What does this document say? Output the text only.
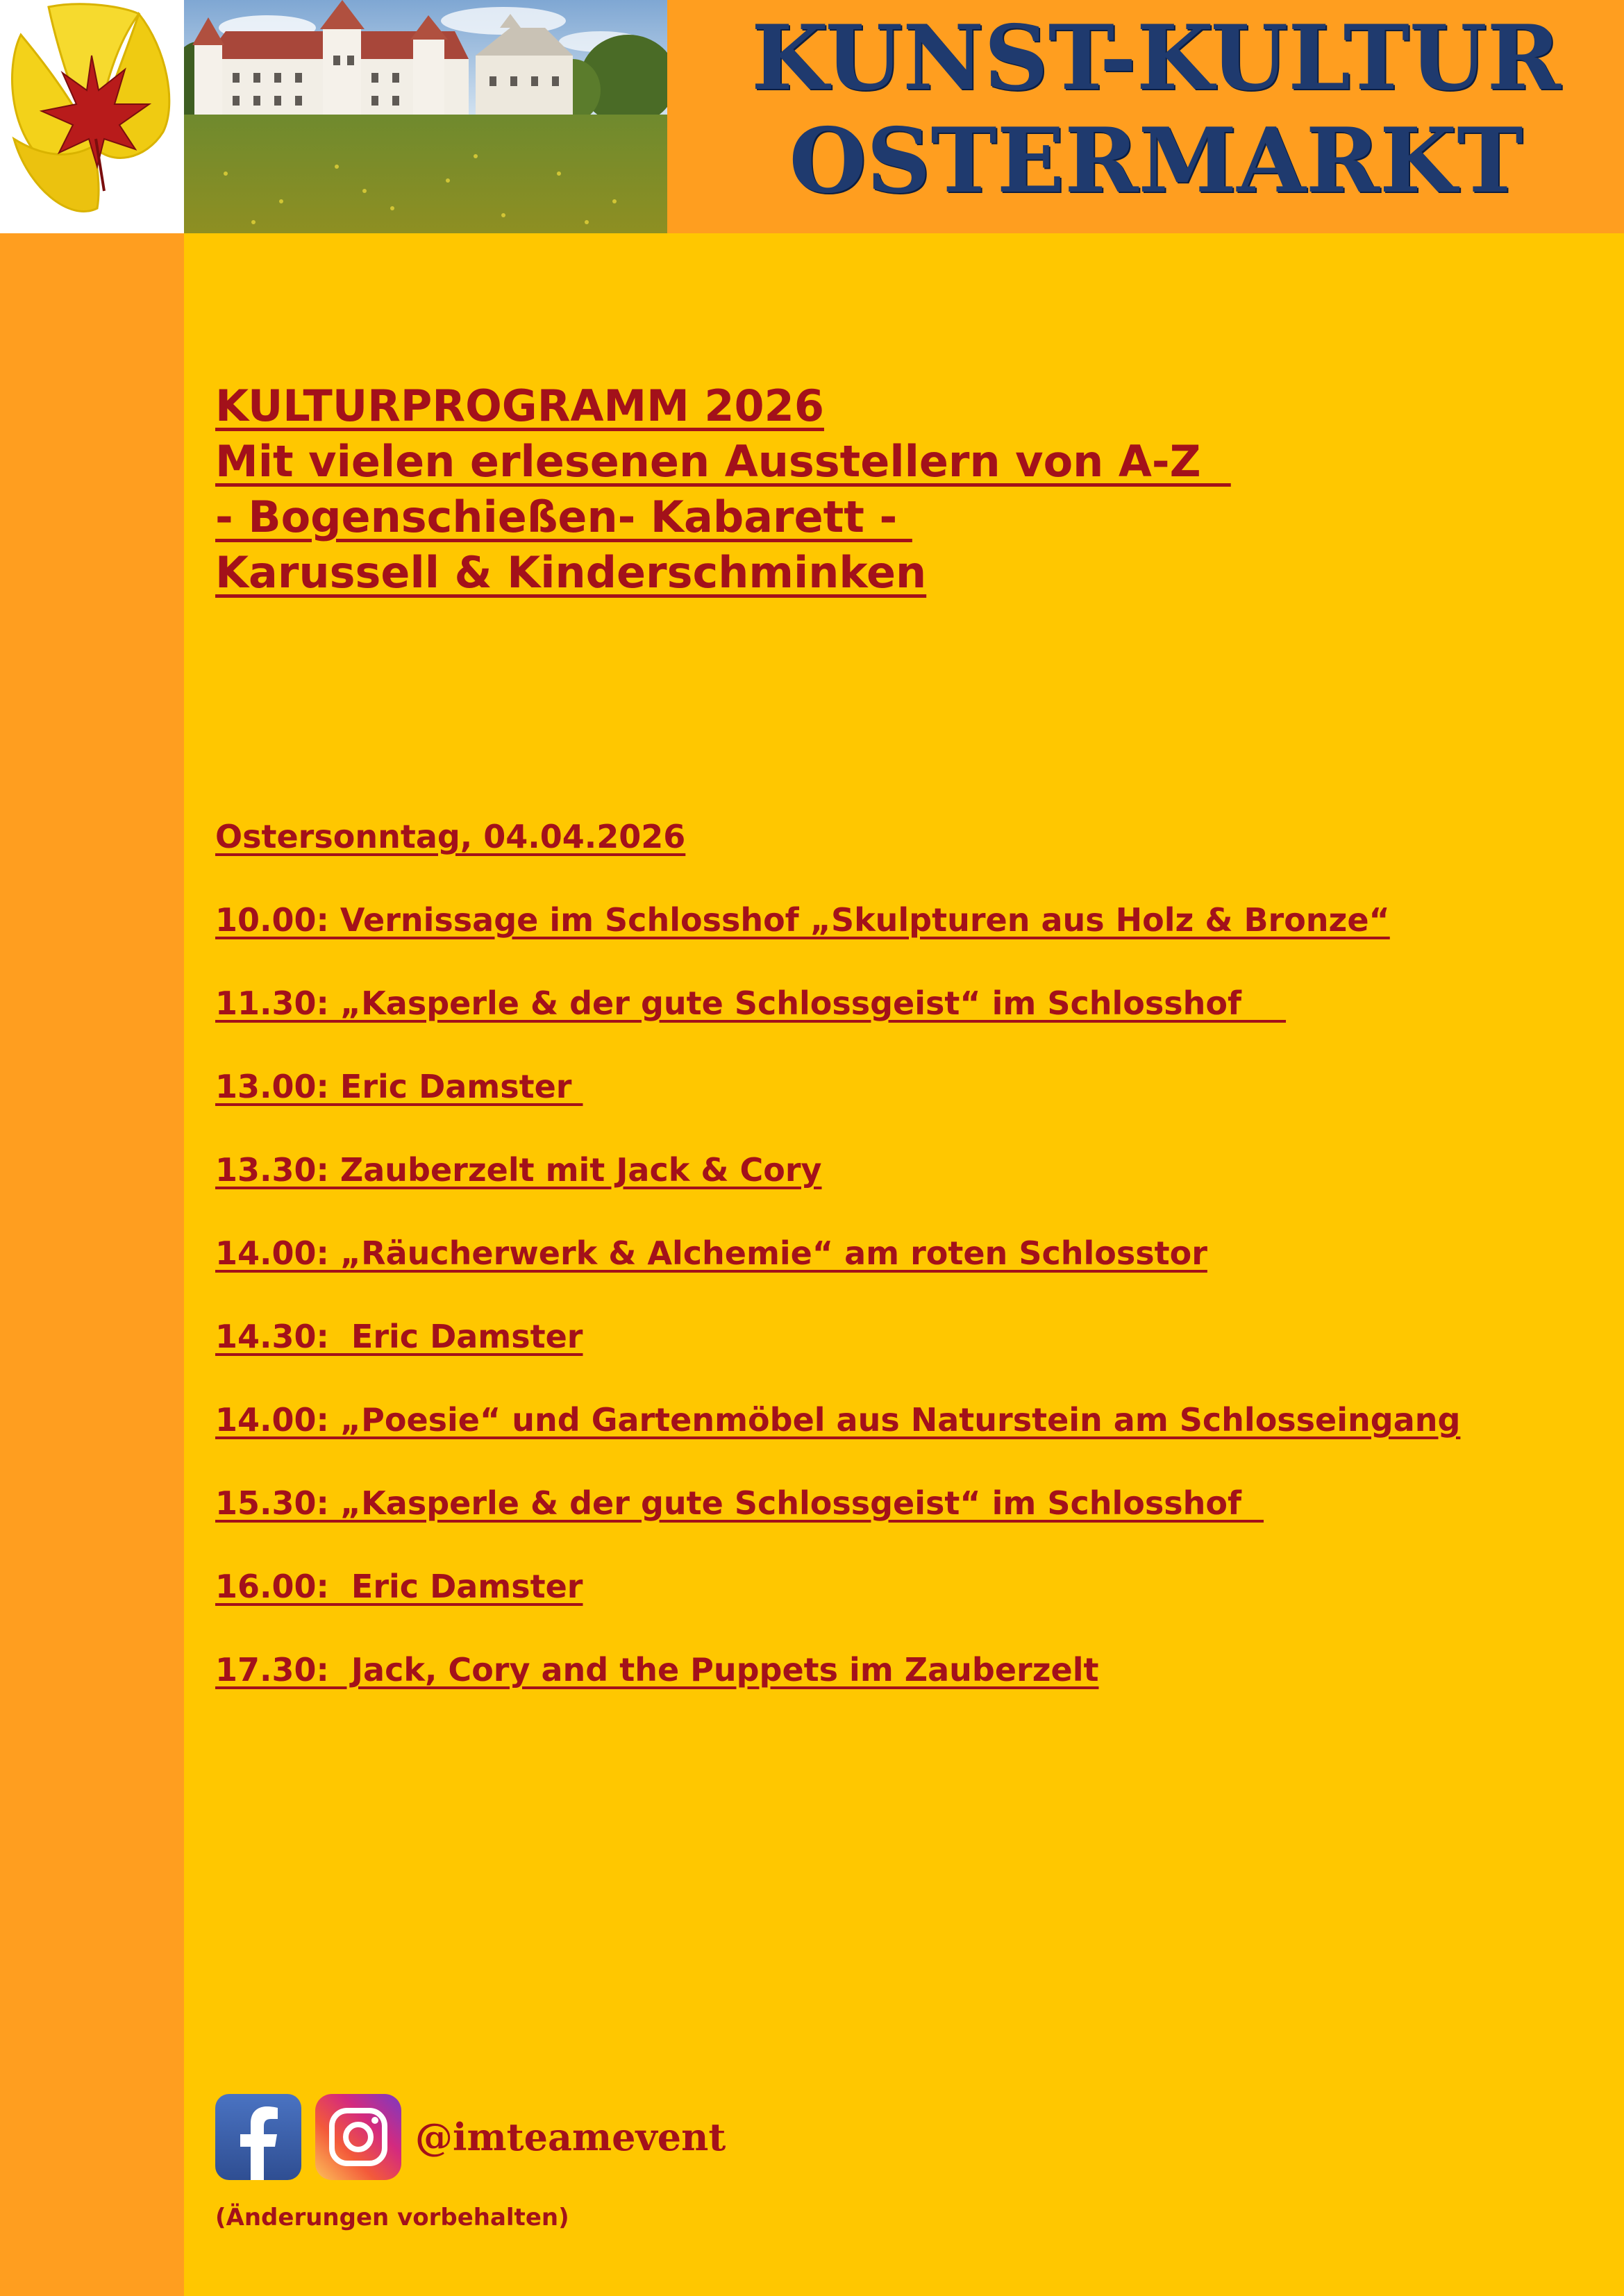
KUNST-KULTUR
OSTERMARKT
KULTURPROGRAMM 2026
Mit vielen erlesenen Ausstellern von A-Z
- Bogenschießen- Kabarett -
Karussell & Kinderschminken
Ostersonntag, 04.04.2026
10.00: Vernissage im Schlosshof „Skulpturen aus Holz & Bronze“
11.30: „Kasperle & der gute Schlossgeist“ im Schlosshof
13.00: Eric Damster
13.30: Zauberzelt mit Jack & Cory
14.00: „Räucherwerk & Alchemie“ am roten Schlosstor
14.30:  Eric Damster
14.00: „Poesie“ und Gartenmöbel aus Naturstein am Schlosseingang
15.30: „Kasperle & der gute Schlossgeist“ im Schlosshof
16.00:  Eric Damster
17.30:  Jack, Cory and the Puppets im Zauberzelt
@imteamevent
(Änderungen vorbehalten)
